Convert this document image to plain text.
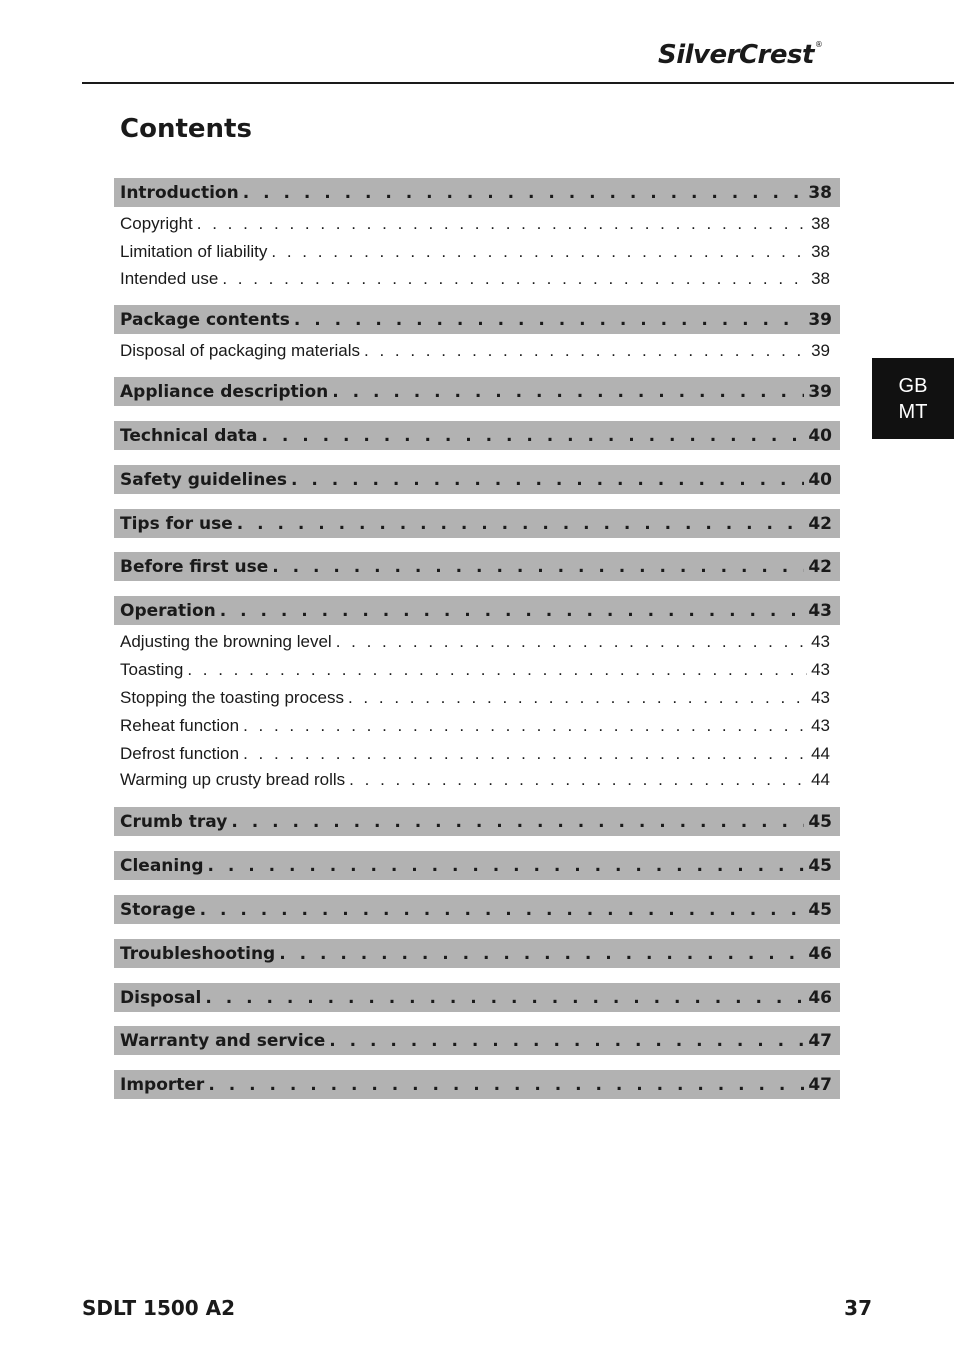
SilverCrest®
Contents
GB
MT
Introduction . . .	38
Copyright . . .	38
Limitation of liability . . .	38
Intended use . . .	38
Package contents . . .	39
Disposal of packaging materials . . .	39
Appliance description . . .	39
Technical data . . .	40
Safety guidelines . . .	40
Tips for use . . .	42
Before first use . . .	42
Operation . . .	43
Adjusting the browning level . . .	43
Toasting . . .	43
Stopping the toasting process . . .	43
Reheat function . . .	43
Defrost function . . .	44
Warming up crusty bread rolls . . .	44
Crumb tray . . .	45
Cleaning . . .	45
Storage . . .	45
Troubleshooting . . .	46
Disposal . . .	46
Warranty and service . . .	47
Importer . . .	47
SDLT 1500 A2	37
